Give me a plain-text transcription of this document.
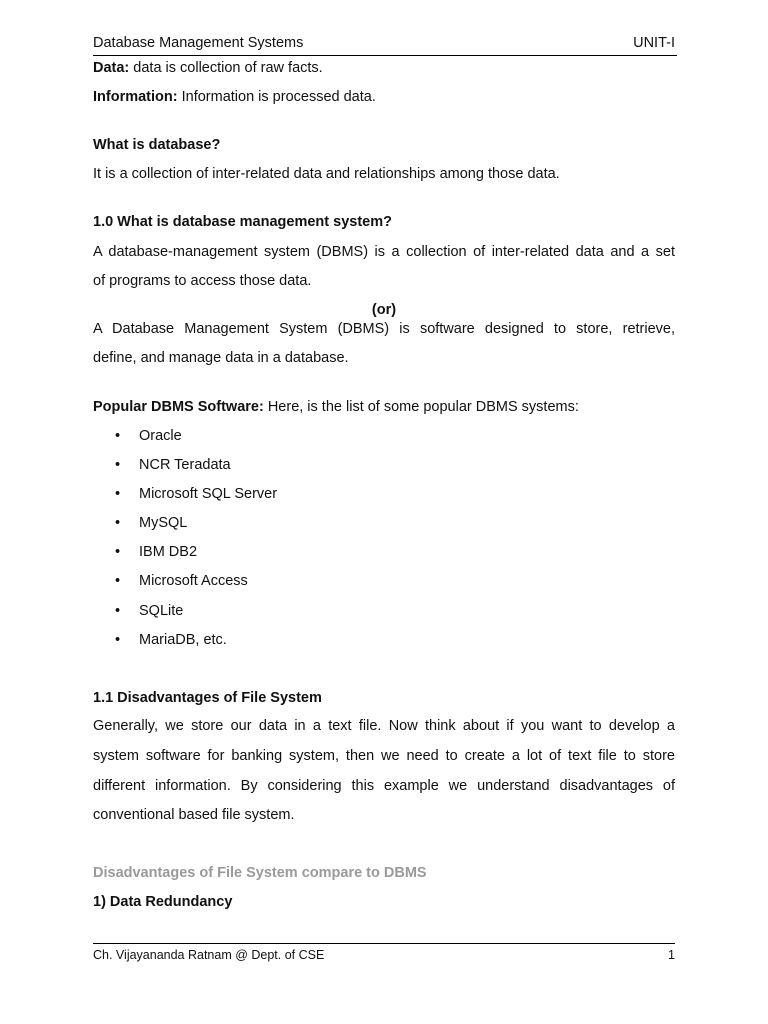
Database Management Systems	UNIT-I
Data: data is collection of raw facts.
Information: Information is processed data.
What is database?
It is a collection of inter-related data and relationships among those data.
1.0 What is database management system?
A database-management system (DBMS) is a collection of inter-related data and a set
of programs to access those data.
(or)
A Database Management System (DBMS) is software designed to store, retrieve,
define, and manage data in a database.
Popular DBMS Software: Here, is the list of some popular DBMS systems:
• Oracle
• NCR Teradata
• Microsoft SQL Server
• MySQL
• IBM DB2
• Microsoft Access
• SQLite
• MariaDB, etc.
1.1 Disadvantages of File System
Generally, we store our data in a text file. Now think about if you want to develop a
system software for banking system, then we need to create a lot of text file to store
different information. By considering this example we understand disadvantages of
conventional based file system.
Disadvantages of File System compare to DBMS
1) Data Redundancy
Ch. Vijayananda Ratnam @ Dept. of CSE	1
